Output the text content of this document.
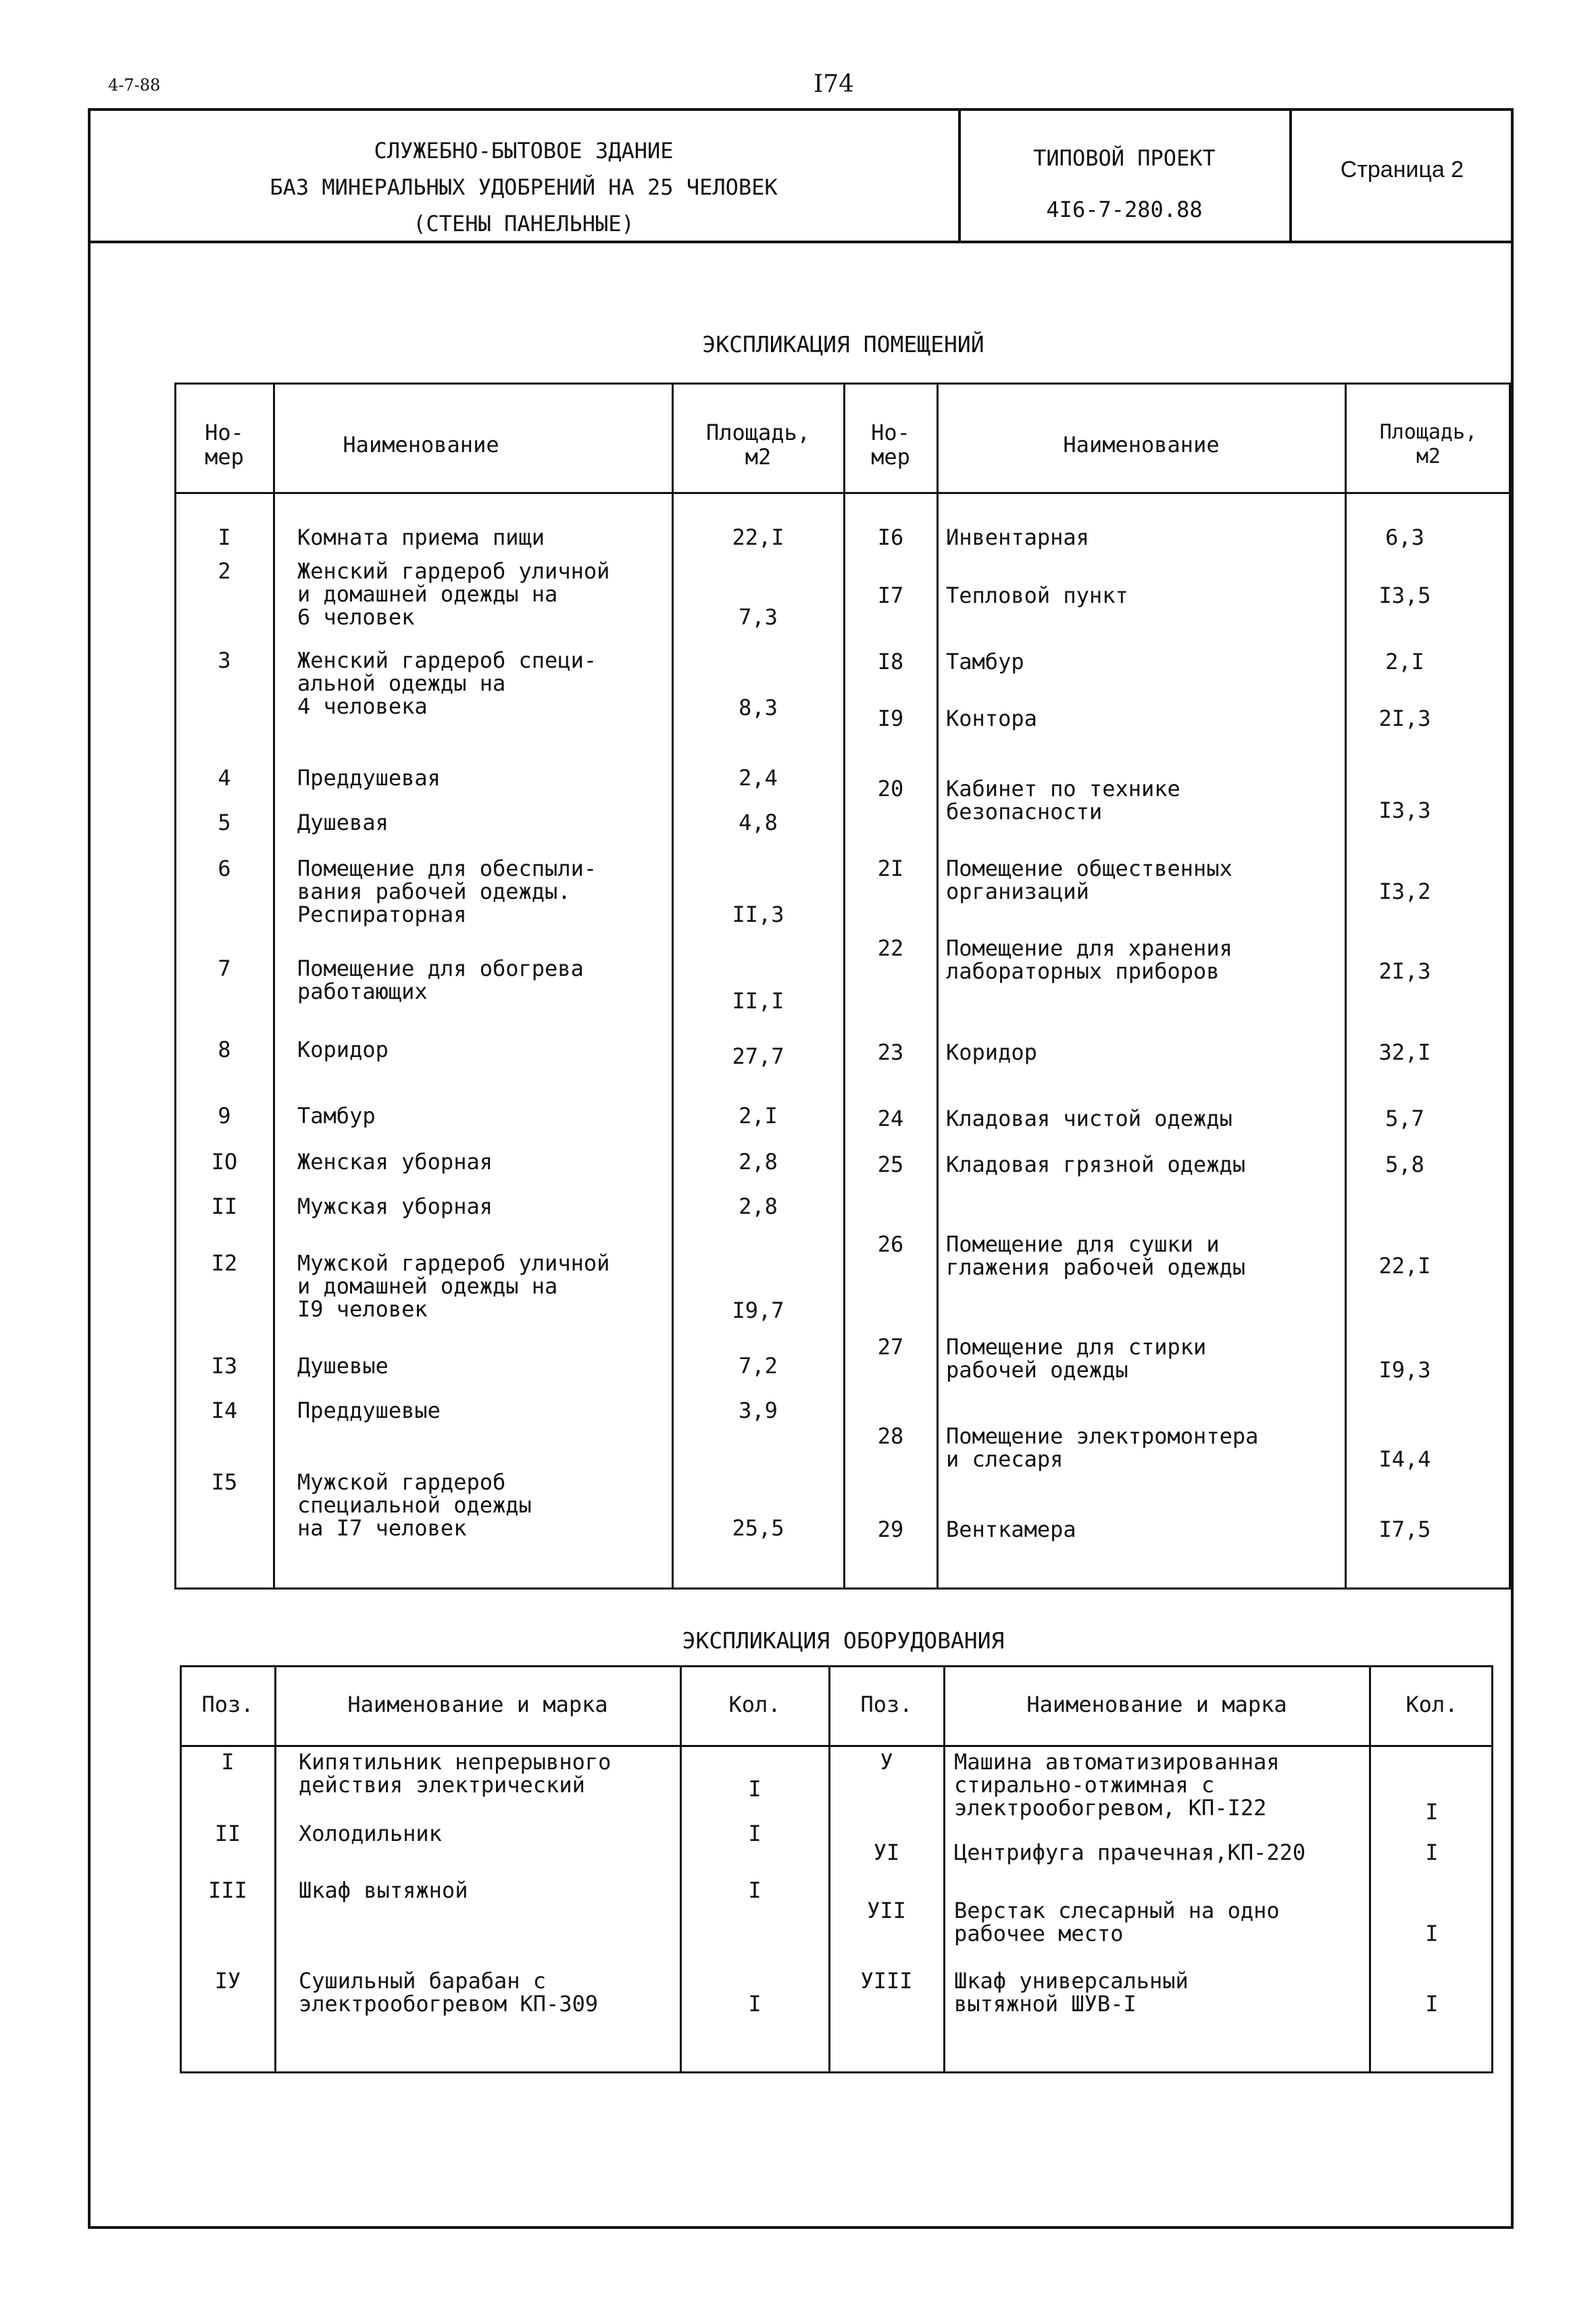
4-7-88	I74
СЛУЖЕБНО-БЫТОВОЕ ЗДАНИЕ
БАЗ МИНЕРАЛЬНЫХ УДОБРЕНИЙ НА 25 ЧЕЛОВЕК
(СТЕНЫ ПАНЕЛЬНЫЕ)
ТИПОВОЙ ПРОЕКТ
4I6-7-280.88
Страница 2
ЭКСПЛИКАЦИЯ ПОМЕЩЕНИЙ
Но-
мер	Наименование	Площадь,
м2
Но-
мер	Наименование	Площадь,
м2
I	Комната приема пищи	22,I
2	Женский гардероб уличной
и домашней одежды на
6 человек	7,3
3	Женский гардероб специ-
альной одежды на
4 человека	8,3
4	Преддушевая	2,4
5	Душевая	4,8
6	Помещение для обеспыли-
вания рабочей одежды.
Респираторная	II,3
7	Помещение для обогрева
работающих	II,I
8	Коридор	27,7
9	Тамбур	2,I
IO	Женская уборная	2,8
II	Мужская уборная	2,8
I2	Мужской гардероб уличной
и домашней одежды на
I9 человек	I9,7
I3	Душевые	7,2
I4	Преддушевые	3,9
I5	Мужской гардероб
специальной одежды
на I7 человек	25,5
I6	Инвентарная	6,3
I7	Тепловой пункт	I3,5
I8	Тамбур	2,I
I9	Контора	2I,3
20	Кабинет по технике
безопасности	I3,3
2I	Помещение общественных
организаций	I3,2
22	Помещение для хранения
лабораторных приборов	2I,3
23	Коридор	32,I
24	Кладовая чистой одежды	5,7
25	Кладовая грязной одежды	5,8
26	Помещение для сушки и
глажения рабочей одежды	22,I
27	Помещение для стирки
рабочей одежды	I9,3
28	Помещение электромонтера
и слесаря	I4,4
29	Венткамера	I7,5
ЭКСПЛИКАЦИЯ ОБОРУДОВАНИЯ
Поз.	Наименование и марка	Кол.	Поз.	Наименование и марка	Кол.
I	Кипятильник непрерывного
действия электрический	I
II	Холодильник	I
III	Шкаф вытяжной	I
IУ	Сушильный барабан с
электрообогревом КП-309	I
У	Машина автоматизированная
стирально-отжимная с
электрообогревом, КП-I22	I
УI	Центрифуга прачечная,КП-220	I
УII	Верстак слесарный на одно
рабочее место	I
УIII	Шкаф универсальный
вытяжной ШУВ-I	I
